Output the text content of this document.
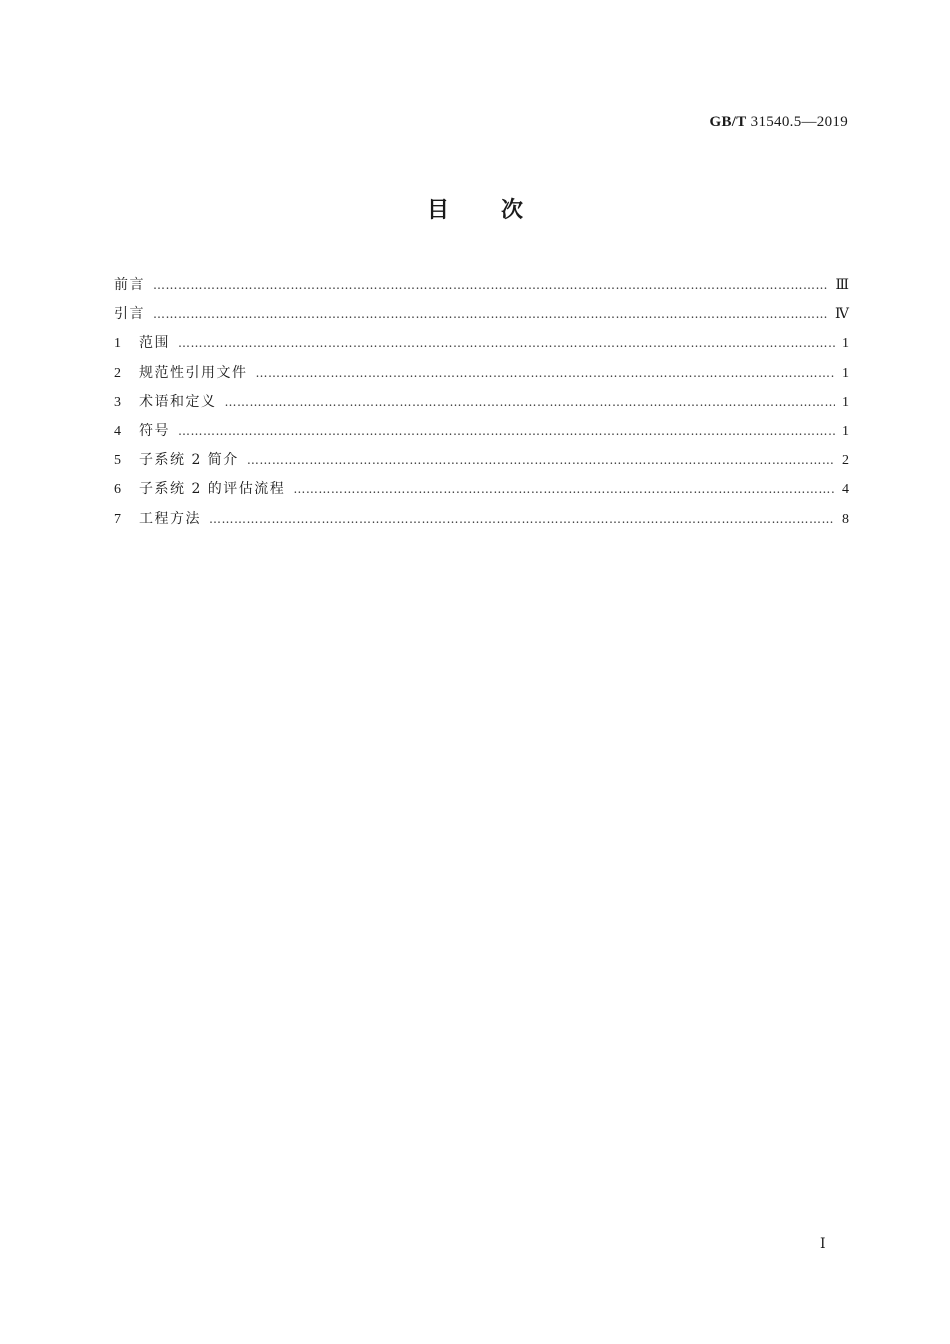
GB/T 31540.5—2019
目次
前言 …………………………………………………………………………………………………………………………………………………………………………………………………………	Ⅲ
引言 …………………………………………………………………………………………………………………………………………………………………………………………………………	Ⅳ
1	范围 …………………………………………………………………………………………………………………………………………………………………………………………………………	1
2	规范性引用文件 …………………………………………………………………………………………………………………………………………………………………………………………………………	1
3	术语和定义 …………………………………………………………………………………………………………………………………………………………………………………………………………	1
4	符号 …………………………………………………………………………………………………………………………………………………………………………………………………………	1
5	子系统 2 简介 …………………………………………………………………………………………………………………………………………………………………………………………………………	2
6	子系统 2 的评估流程 …………………………………………………………………………………………………………………………………………………………………………………………………………	4
7	工程方法 …………………………………………………………………………………………………………………………………………………………………………………………………………	8
Ⅰ
